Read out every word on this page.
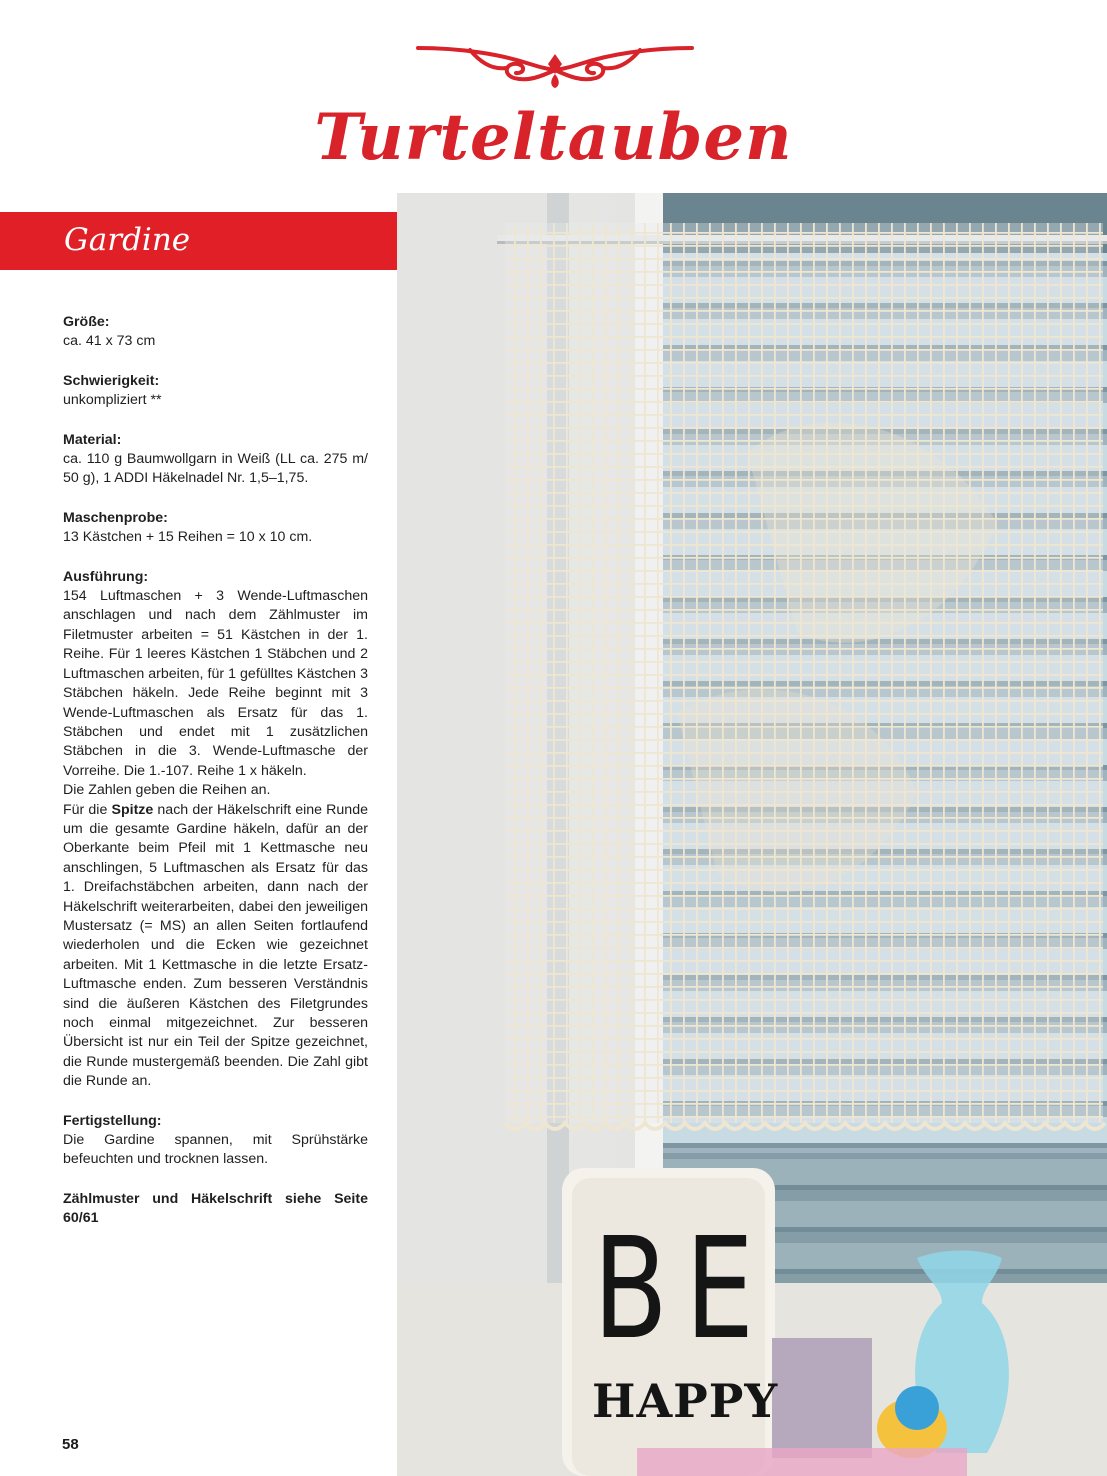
Turteltauben
Gardine
Größe:

ca. 41 x 73 cm

Schwierigkeit:

unkompliziert **

Material:

ca. 110 g Baumwollgarn in Weiß (LL ca. 275 m/ 50 g), 1 ADDI Häkelnadel Nr. 1,5–1,75.

Maschenprobe:

13 Kästchen + 15 Reihen = 10 x 10 cm.

Ausführung:

154 Luftmaschen + 3 Wende-Luftmaschen anschlagen und nach dem Zählmuster im Filetmuster arbeiten = 51 Kästchen in der 1. Reihe. Für 1 leeres Kästchen 1 Stäbchen und 2 Luftmaschen arbeiten, für 1 gefülltes Kästchen 3 Stäbchen häkeln. Jede Reihe beginnt mit 3 Wende-Luftmaschen als Ersatz für das 1. Stäbchen und endet mit 1 zusätzlichen Stäbchen in die 3. Wende-Luftmasche der Vorreihe. Die 1.-107. Reihe 1 x häkeln.

Die Zahlen geben die Reihen an.

Für die Spitze nach der Häkelschrift eine Runde um die gesamte Gardine häkeln, dafür an der Oberkante beim Pfeil mit 1 Kettmasche neu anschlingen, 5 Luftmaschen als Ersatz für das 1. Dreifachstäbchen arbeiten, dann nach der Häkelschrift weiterarbeiten, dabei den jeweiligen Mustersatz (= MS) an allen Seiten fortlaufend wiederholen und die Ecken wie gezeichnet arbeiten. Mit 1 Kettmasche in die letzte Ersatz-Luftmasche enden. Zum besseren Verständnis sind die äußeren Kästchen des Filetgrundes noch einmal mitgezeichnet. Zur besseren Übersicht ist nur ein Teil der Spitze gezeichnet, die Runde mustergemäß beenden. Die Zahl gibt die Runde an.

Fertigstellung:

Die Gardine spannen, mit Sprühstärke befeuchten und trocknen lassen.

Zählmuster und Häkelschrift siehe Seite 60/61

58
BE
HAPPY
